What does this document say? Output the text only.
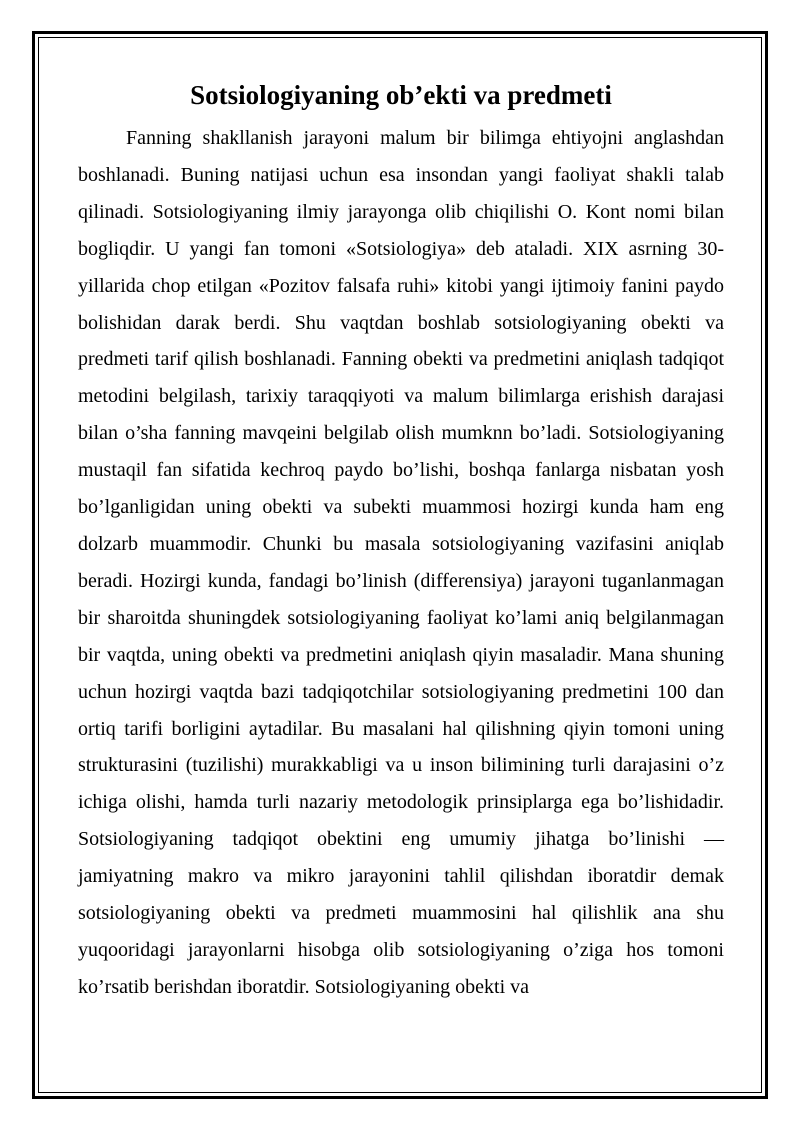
Sotsiologiyaning ob’ekti va predmeti

Fanning shakllanish jarayoni malum bir bilimga ehtiyojni anglashdan boshlanadi. Buning natijasi uchun esa insondan yangi faoliyat shakli talab qilinadi. Sotsiologiyaning ilmiy jarayonga olib chiqilishi O. Kont nomi bilan bogliqdir. U yangi fan tomoni «Sotsiologiya» deb ataladi. XIX asrning 30-yillarida chop etilgan «Pozitov falsafa ruhi» kitobi yangi ijtimoiy fanini paydo bolishidan darak berdi. Shu vaqtdan boshlab sotsiologiyaning obekti va predmeti tarif qilish boshlanadi. Fanning obekti va predmetini aniqlash tadqiqot metodini belgilash, tarixiy taraqqiyoti va malum bilimlarga erishish darajasi bilan o’sha fanning mavqeini belgilab olish mumknn bo’ladi. Sotsiologiyaning mustaqil fan sifatida kechroq paydo bo’lishi, boshqa fanlarga nisbatan yosh bo’lganligidan uning obekti va subekti muammosi hozirgi kunda ham eng dolzarb muammodir. Chunki bu masala sotsiologiyaning vazifasini aniqlab beradi. Hozirgi kunda, fandagi bo’linish (differensiya) jarayoni tuganlanmagan bir sharoitda shuningdek sotsiologiyaning faoliyat ko’lami aniq belgilanmagan bir vaqtda, uning obekti va predmetini aniqlash qiyin masaladir. Mana shuning uchun hozirgi vaqtda bazi tadqiqotchilar sotsiologiyaning predmetini 100 dan ortiq tarifi borligini aytadilar. Bu masalani hal qilishning qiyin tomoni uning strukturasini (tuzilishi) murakkabligi va u inson bilimining turli darajasini o’z ichiga olishi, hamda turli nazariy metodologik prinsiplarga ega bo’lishidadir. Sotsiologiyaning tadqiqot obektini eng umumiy jihatga bo’linishi — jamiyatning makro va mikro jarayonini tahlil qilishdan iboratdir demak sotsiologiyaning obekti va predmeti muammosini hal qilishlik ana shu yuqooridagi jarayonlarni hisobga olib sotsiologiyaning o’ziga hos tomoni ko’rsatib berishdan iboratdir. Sotsiologiyaning obekti va
